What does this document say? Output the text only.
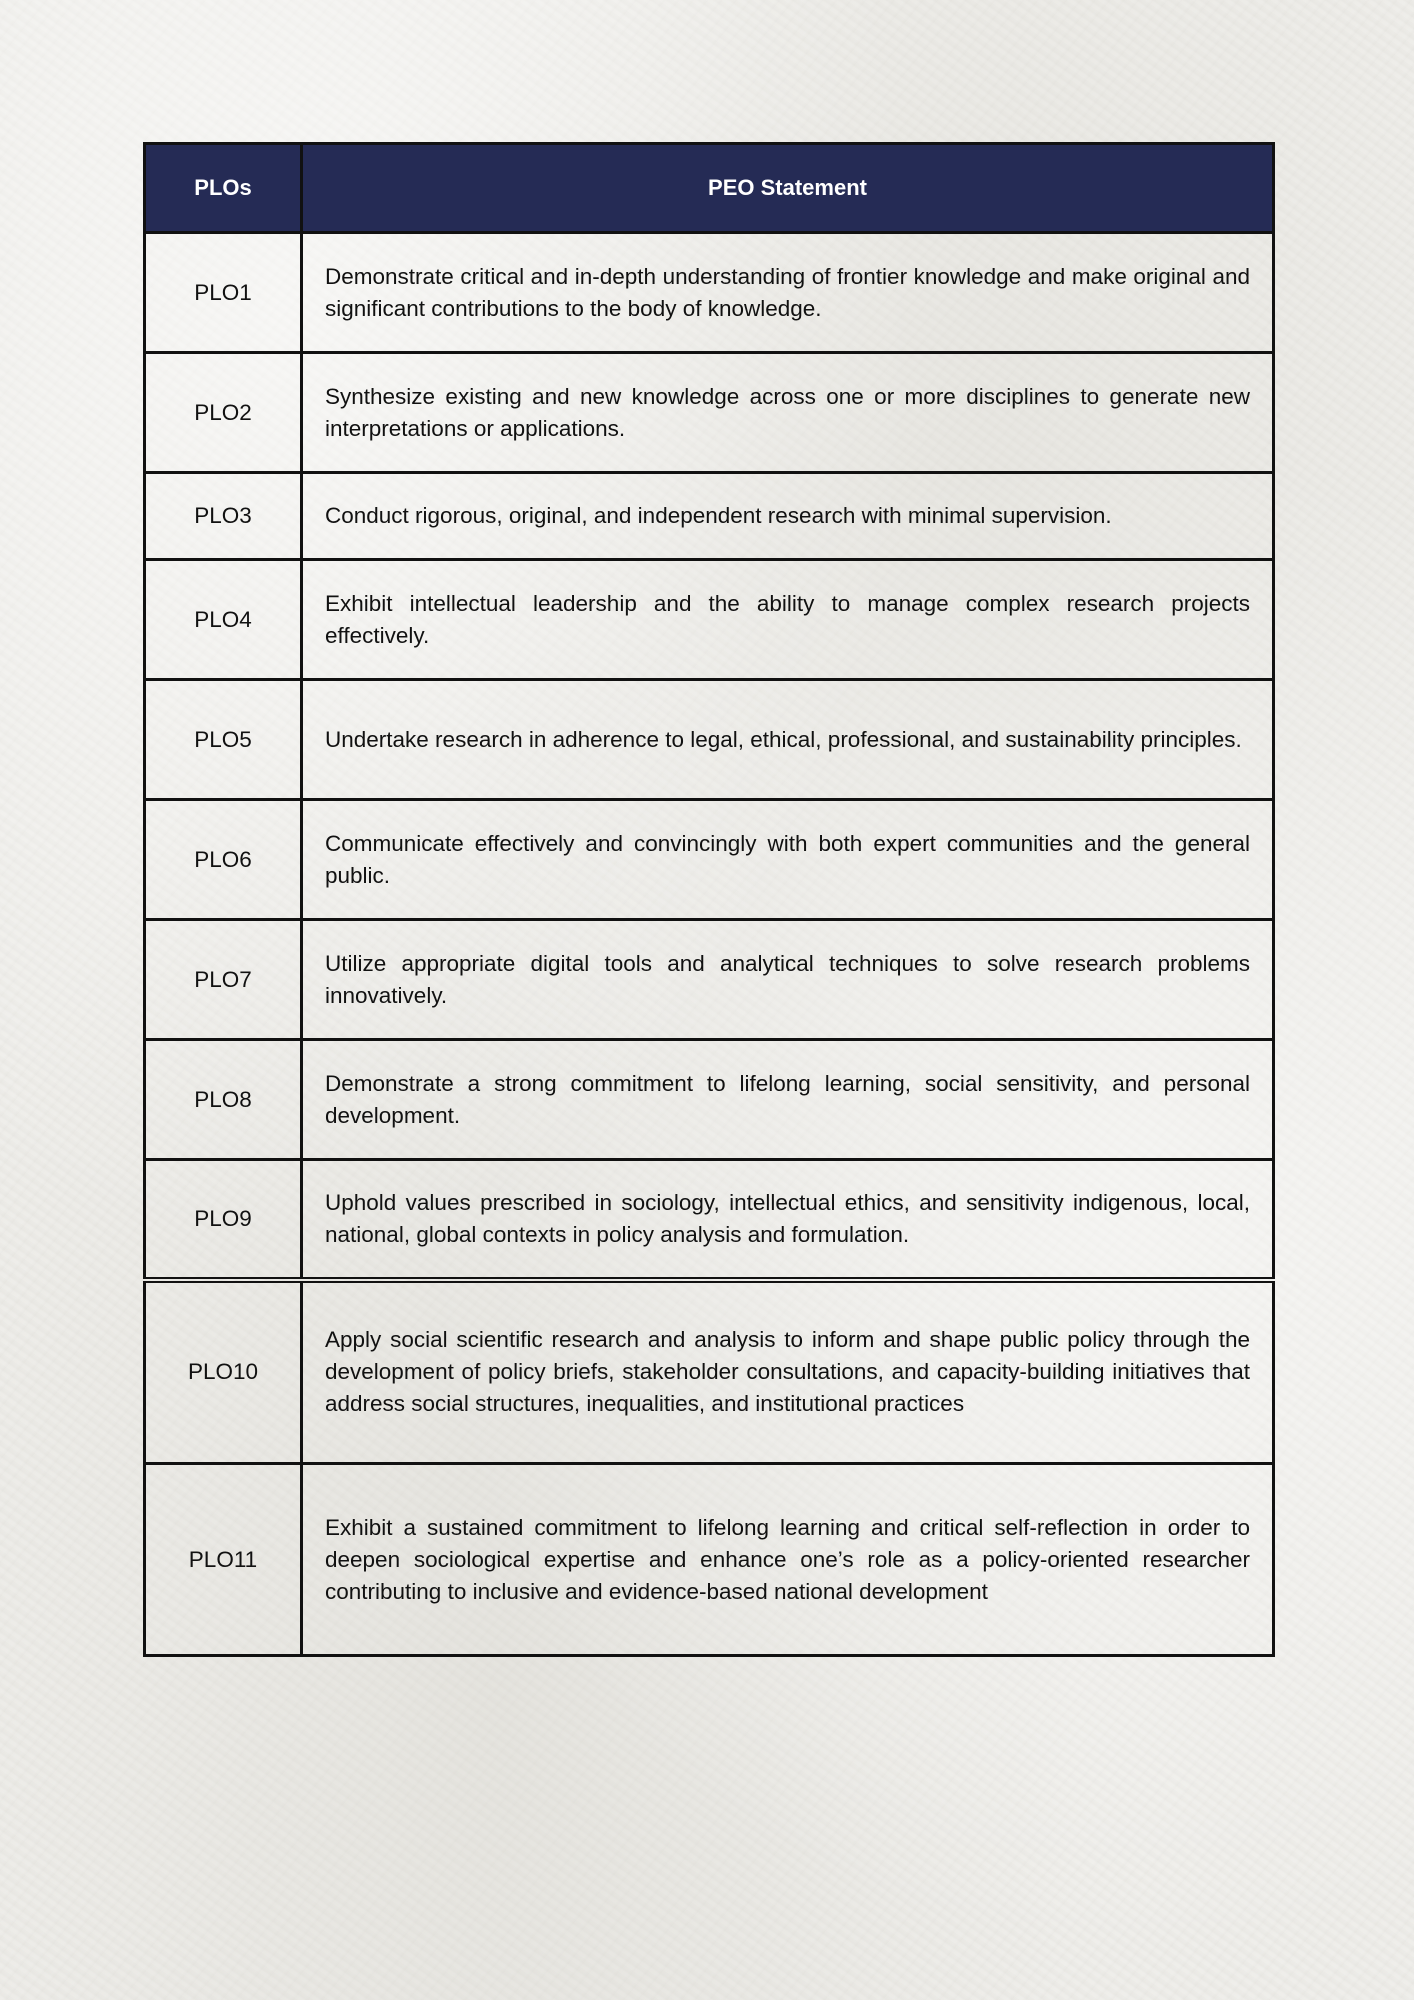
PLOs	PEO Statement
PLO1	Demonstrate critical and in-depth understanding of frontier knowledge and make original and significant contributions to the body of knowledge.
PLO2	Synthesize existing and new knowledge across one or more disciplines to generate new interpretations or applications.
PLO3	Conduct rigorous, original, and independent research with minimal supervision.
PLO4	Exhibit intellectual leadership and the ability to manage complex research projects effectively.
PLO5	Undertake research in adherence to legal, ethical, professional, and sustainability principles.
PLO6	Communicate effectively and convincingly with both expert communities and the general public.
PLO7	Utilize appropriate digital tools and analytical techniques to solve research problems innovatively.
PLO8	Demonstrate a strong commitment to lifelong learning, social sensitivity, and personal development.
PLO9	Uphold values prescribed in sociology, intellectual ethics, and sensitivity indigenous, local, national, global contexts in policy analysis and formulation.
PLO10	Apply social scientific research and analysis to inform and shape public policy through the development of policy briefs, stakeholder consultations, and capacity-building initiatives that address social structures, inequalities, and institutional practices
PLO11	Exhibit a sustained commitment to lifelong learning and critical self-reflection in order to deepen sociological expertise and enhance one’s role as a policy-oriented researcher contributing to inclusive and evidence-based national development
